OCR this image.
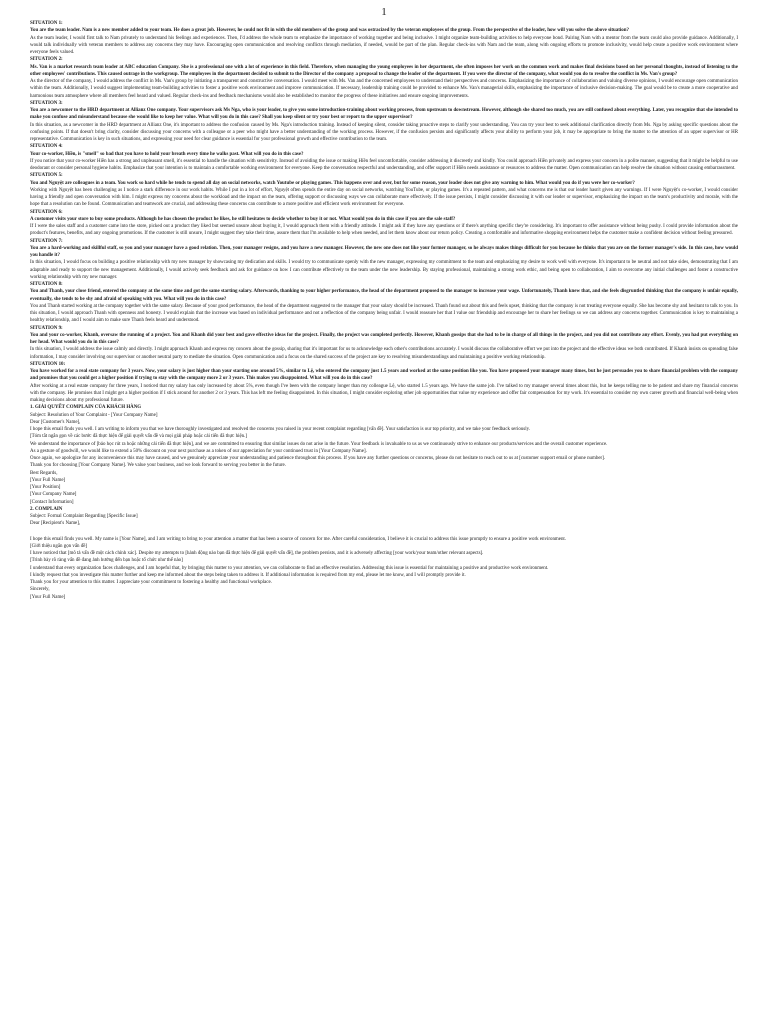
1

SITUATION 1:

You are the team leader. Nam is a new member added to your team. He does a great job. However, he could not fit in with the old members of the group and was ostracized by the veteran employees of the group. From the perspective of the leader, how will you solve the above situation?

As the team leader, I would first talk to Nam privately to understand his feelings and experiences. Then, I'd address the whole team to emphasize the importance of working together and being inclusive. I might organize team-building activities to help everyone bond. Pairing Nam with a mentor from the team could also provide guidance. Additionally, I would talk individually with veteran members to address any concerns they may have. Encouraging open communication and resolving conflicts through mediation, if needed, would be part of the plan. Regular check-ins with Nam and the team, along with ongoing efforts to promote inclusivity, would help create a positive work environment where everyone feels valued.

SITUATION 2:

Ms. Van is a market research team leader at ABC education Company. She is a professional one with a lot of experience in this field. Therefore, when managing the young employees in her department, she often imposes her work on the common work and makes final decisions based on her personal thoughts, instead of listening to the other employees' contributions. This caused outrage in the workgroup. The employees in the department decided to submit to the Director of the company a proposal to change the leader of the department. If you were the director of the company, what would you do to resolve the conflict in Ms. Van's group?

As the director of the company, I would address the conflict in Ms. Van's group by initiating a transparent and constructive conversation. I would meet with Ms. Van and the concerned employees to understand their perspectives and concerns. Emphasizing the importance of collaboration and valuing diverse opinions, I would encourage open communication within the team. Additionally, I would suggest implementing team-building activities to foster a positive work environment and improve communication. If necessary, leadership training could be provided to enhance Ms. Van's managerial skills, emphasizing the importance of inclusive decision-making. The goal would be to create a more cooperative and harmonious team atmosphere where all members feel heard and valued. Regular check-ins and feedback mechanisms would also be established to monitor the progress of these initiatives and ensure ongoing improvements.

SITUATION 3:

You are a newcomer to the HRD department at Allianz One company. Your supervisors ask Ms Nga, who is your leader, to give you some introduction-training about working process, from upstream to downstream. However, although she shared too much, you are still confused about everything. Later, you recognize that she intended to make you confuse and misunderstand because she would like to keep her value. What will you do in this case? Shall you keep silent or try your best or report to the upper supervisor?

In this situation, as a newcomer in the HRD department at Allianz One, it's important to address the confusion caused by Ms. Nga's introduction training. Instead of keeping silent, consider taking proactive steps to clarify your understanding. You can try your best to seek additional clarification directly from Ms. Nga by asking specific questions about the confusing points. If that doesn't bring clarity, consider discussing your concerns with a colleague or a peer who might have a better understanding of the working process. However, if the confusion persists and significantly affects your ability to perform your job, it may be appropriate to bring the matter to the attention of an upper supervisor or HR representative. Communication is key in such situations, and expressing your need for clear guidance is essential for your professional growth and effective contribution to the team.

SITUATION 4:

Your co-worker, Hiền, is "smell" so bad that you have to hold your breath every time he walks past. What will you do in this case?

If you notice that your co-worker Hiền has a strong and unpleasant smell, it's essential to handle the situation with sensitivity. Instead of avoiding the issue or making Hiền feel uncomfortable, consider addressing it discreetly and kindly. You could approach Hiền privately and express your concern in a polite manner, suggesting that it might be helpful to use deodorant or consider personal hygiene habits. Emphasize that your intention is to maintain a comfortable working environment for everyone. Keep the conversation respectful and understanding, and offer support if Hiền needs assistance or resources to address the matter. Open communication can help resolve the situation without causing embarrassment.

SITUATION 5:

You and Nguyệt are colleagues in a team. You work so hard while he tends to spend all day on social networks, watch Youtube or playing games. This happens over and over, but for some reason, your leader does not give any warning to him. What would you do if you were her co-worker?

Working with Nguyệt has been challenging as I notice a stark difference in our work habits. While I put in a lot of effort, Nguyệt often spends the entire day on social networks, watching YouTube, or playing games. It's a repeated pattern, and what concerns me is that our leader hasn't given any warnings. If I were Nguyệt's co-worker, I would consider having a friendly and open conversation with him. I might express my concerns about the workload and the impact on the team, offering support or discussing ways we can collaborate more effectively. If the issue persists, I might consider discussing it with our leader or supervisor, emphasizing the impact on the team's productivity and morale, with the hope that a resolution can be found. Communication and teamwork are crucial, and addressing these concerns can contribute to a more positive and efficient work environment for everyone.

SITUATION 6:

A customer visits your store to buy some products. Although he has chosen the product he likes, he still hesitates to decide whether to buy it or not. What would you do in this case if you are the sale staff?

If I were the sales staff and a customer came into the store, picked out a product they liked but seemed unsure about buying it, I would approach them with a friendly attitude. I might ask if they have any questions or if there's anything specific they're considering. It's important to offer assistance without being pushy. I could provide information about the product's features, benefits, and any ongoing promotions. If the customer is still unsure, I might suggest they take their time, assure them that I'm available to help when needed, and let them know about our return policy. Creating a comfortable and informative shopping environment helps the customer make a confident decision without feeling pressured.

SITUATION 7:

You are a hard-working and skillful staff, so you and your manager have a good relation. Then, your manager resigns, and you have a new manager. However, the new one does not like your former manager, so he always makes things difficult for you because he thinks that you are on the former manager's side. In this case, how would you handle it?

In this situation, I would focus on building a positive relationship with my new manager by showcasing my dedication and skills. I would try to communicate openly with the new manager, expressing my commitment to the team and emphasizing my desire to work well with everyone. It's important to be neutral and not take sides, demonstrating that I am adaptable and ready to support the new management. Additionally, I would actively seek feedback and ask for guidance on how I can contribute effectively to the team under the new leadership. By staying professional, maintaining a strong work ethic, and being open to collaboration, I aim to overcome any initial challenges and foster a constructive working relationship with my new manager.

SITUATION 8:

You and Thanh, your close friend, entered the company at the same time and got the same starting salary. Afterwards, thanking to your higher performance, the head of the department proposed to the manager to increase your wage. Unfortunately, Thanh knew that, and she feels disgruntled thinking that the company is unfair equally, eventually, she tends to be shy and afraid of speaking with you. What will you do in this case?

You and Thanh started working at the company together with the same salary. Because of your good performance, the head of the department suggested to the manager that your salary should be increased. Thanh found out about this and feels upset, thinking that the company is not treating everyone equally. She has become shy and hesitant to talk to you. In this situation, I would approach Thanh with openness and honesty. I would explain that the increase was based on individual performance and not a reflection of the company being unfair. I would reassure her that I value our friendship and encourage her to share her feelings so we can address any concerns together. Communication is key to maintaining a healthy relationship, and I would aim to make sure Thanh feels heard and understood.

SITUATION 9:

You and your co-worker, Khanh, oversaw the running of a project. You and Khanh did your best and gave effective ideas for the project. Finally, the project was completed perfectly. However, Khanh gossips that she had to be in charge of all things in the project, and you did not contribute any effort. Evenly, you had put everything on her head. What would you do in this case?

In this situation, I would address the issue calmly and directly. I might approach Khanh and express my concern about the gossip, sharing that it's important for us to acknowledge each other's contributions accurately. I would discuss the collaborative effort we put into the project and the effective ideas we both contributed. If Khanh insists on spreading false information, I may consider involving our supervisor or another neutral party to mediate the situation. Open communication and a focus on the shared success of the project are key to resolving misunderstandings and maintaining a positive working relationship.

SITUATION 10:

You have worked for a real state company for 3 years. Now, your salary is just higher than your starting one around 5%, similar to Lệ, who entered the company just 1.5 years and worked at the same position like you. You have proposed your manager many times, but he just persuades you to share financial problem with the company and promises that you could get a higher position if trying to stay with the company more 2 or 3 years. This makes you disappointed. What will you do in this case?

After working at a real estate company for three years, I noticed that my salary has only increased by about 5%, even though I've been with the company longer than my colleague Lệ, who started 1.5 years ago. We have the same job. I've talked to my manager several times about this, but he keeps telling me to be patient and share my financial concerns with the company. He promises that I might get a higher position if I stick around for another 2 or 3 years. This has left me feeling disappointed. In this situation, I might consider exploring other job opportunities that value my experience and offer fair compensation for my work. It's essential to consider my own career growth and financial well-being when making decisions about my professional future.

1. GIẢI QUYẾT COMPLAIN CỦA KHÁCH HÀNG

Subject: Resolution of Your Complaint - [Your Company Name]

Dear [Customer's Name],

I hope this email finds you well. I am writing to inform you that we have thoroughly investigated and resolved the concerns you raised in your recent complaint regarding [vấn đề]. Your satisfaction is our top priority, and we take your feedback seriously.

[Tóm tắt ngắn gọn về các bước đã thực hiện để giải quyết vấn đề và mọi giải pháp hoặc cải tiến đã thực hiện.]

We understand the importance of [bảo học rút ra hoặc những cải tiến đã thực hiện], and we are committed to ensuring that similar issues do not arise in the future. Your feedback is invaluable to us as we continuously strive to enhance our products/services and the overall customer experience.

As a gesture of goodwill, we would like to extend a 50% discount on your next purchase as a token of our appreciation for your continued trust in [Your Company Name].

Once again, we apologize for any inconvenience this may have caused, and we genuinely appreciate your understanding and patience throughout this process. If you have any further questions or concerns, please do not hesitate to reach out to us at [customer support email or phone number].

Thank you for choosing [Your Company Name]. We value your business, and we look forward to serving you better in the future.

Best Regards,

[Your Full Name]

[Your Position]

[Your Company Name]

[Contact Information]

2. COMPLAIN

Subject: Formal Complaint Regarding [Specific Issue]

Dear [Recipient's Name],

I hope this email finds you well. My name is [Your Name], and I am writing to bring to your attention a matter that has been a source of concern for me. After careful consideration, I believe it is crucial to address this issue promptly to ensure a positive work environment.

[Giới thiệu ngắn gọn vấn đề]

I have noticed that [mô tả vấn đề một cách chính xác]. Despite my attempts to [hành động nào bạn đã thực hiện để giải quyết vấn đề], the problem persists, and it is adversely affecting [your work/your team/other relevant aspects].

[Trình bày rõ ràng vấn đề đang ảnh hưởng đến bạn hoặc tổ chức như thế nào]

I understand that every organization faces challenges, and I am hopeful that, by bringing this matter to your attention, we can collaborate to find an effective resolution. Addressing this issue is essential for maintaining a positive and productive work environment.

I kindly request that you investigate this matter further and keep me informed about the steps being taken to address it. If additional information is required from my end, please let me know, and I will promptly provide it.

Thank you for your attention to this matter. I appreciate your commitment to fostering a healthy and functional workplace.

Sincerely,

[Your Full Name]
